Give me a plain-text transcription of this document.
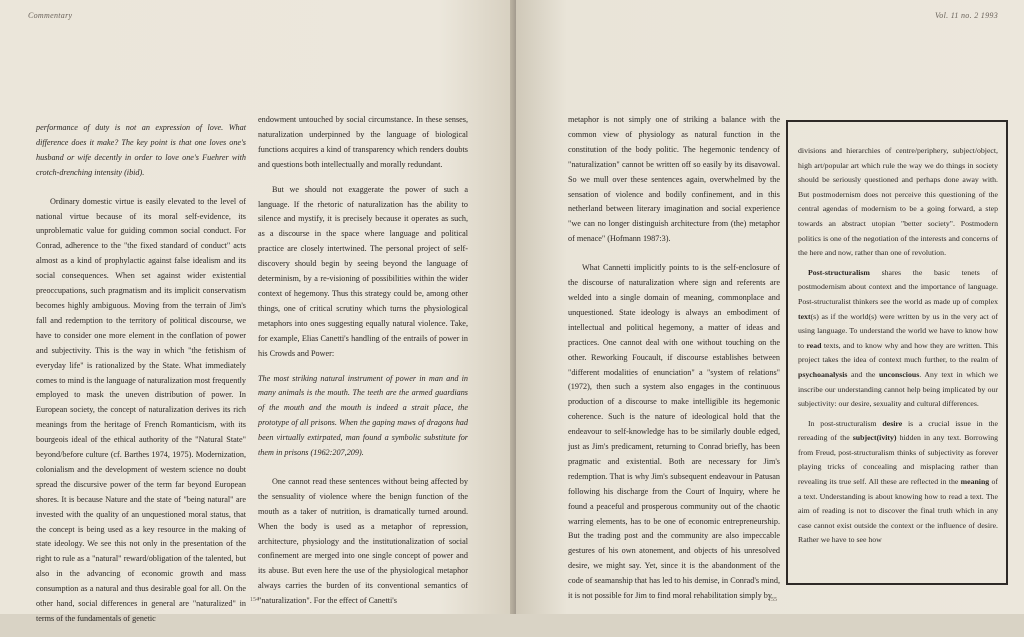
Commentary

performance of duty is not an expression of love. What difference does it make? The key point is that one loves one's husband or wife decently in order to love one's Fuehrer with crotch-drenching intensity (ibid).

Ordinary domestic virtue is easily elevated to the level of national virtue because of its moral self-evidence, its unproblematic value for guiding common social conduct. For Conrad, adherence to the "the fixed standard of conduct" acts almost as a kind of prophylactic against false idealism and its social consequences. When set against wider existential preoccupations, such pragmatism and its implicit conservatism becomes highly ambiguous. Moving from the terrain of Jim's fall and redemption to the territory of political discourse, we have to consider one more element in the conflation of power and subjectivity. This is the way in which "the fetishism of everyday life" is rationalized by the State. What immediately comes to mind is the language of naturalization most frequently employed to mask the uneven distribution of power. In European society, the concept of naturalization derives its rich meanings from the heritage of French Romanticism, with its bourgeois ideal of the ethical authority of the "Natural State" beyond/before culture (cf. Barthes 1974, 1975). Modernization, colonialism and the development of western science no doubt spread the discursive power of the term far beyond European shores. It is because Nature and the state of "being natural" are invested with the quality of an unquestioned moral status, that the concept is being used as a key resource in the making of state ideology. We see this not only in the presentation of the right to rule as a "natural" reward/obligation of the talented, but also in the advancing of economic growth and mass consumption as a natural and thus desirable goal for all. On the other hand, social differences in general are "naturalized" in terms of the fundamentals of genetic

endowment untouched by social circumstance. In these senses, naturalization underpinned by the language of biological functions acquires a kind of transparency which renders doubts and questions both intellectually and morally redundant.

But we should not exaggerate the power of such a language. If the rhetoric of naturalization has the ability to silence and mystify, it is precisely because it operates as such, as a discourse in the space where language and political practice are closely intertwined. The personal project of self-discovery should begin by seeing beyond the language of determinism, by a re-visioning of possibilities within the wider context of hegemony. Thus this strategy could be, among other things, one of critical scrutiny which turns the physiological metaphors into ones suggesting equally natural violence. Take, for example, Elias Canetti's handling of the entrails of power in his Crowds and Power:

The most striking natural instrument of power in man and in many animals is the mouth. The teeth are the armed guardians of the mouth and the mouth is indeed a strait place, the prototype of all prisons. When the gaping maws of dragons had been virtually extirpated, man found a symbolic substitute for them in prisons (1962:207,209).

One cannot read these sentences without being affected by the sensuality of violence where the benign function of the mouth as a taker of nutrition, is dramatically turned around. When the body is used as a metaphor of repression, architecture, physiology and the institutionalization of social confinement are merged into one single concept of power and its abuse. But even here the use of the physiological metaphor always carries the burden of its conventional semantics of "naturalization". For the effect of Canetti's

154
Vol. 11 no. 2 1993

metaphor is not simply one of striking a balance with the common view of physiology as natural function in the constitution of the body politic. The hegemonic tendency of "naturalization" cannot be written off so easily by its disavowal. So we mull over these sentences again, overwhelmed by the sensation of violence and bodily confinement, and in this netherland between literary imagination and social experience "we can no longer distinguish architecture from (the) metaphor of menace" (Hofmann 1987:3).

What Cannetti implicitly points to is the self-enclosure of the discourse of naturalization where sign and referents are welded into a single domain of meaning, commonplace and unquestioned. State ideology is always an embodiment of intellectual and political hegemony, a matter of ideas and practices. One cannot deal with one without touching on the other. Reworking Foucault, if discourse establishes between "different modalities of enunciation" a "system of relations" (1972), then such a system also engages in the continuous production of a discourse to make intelligible its hegemonic coherence. Such is the nature of ideological hold that the endeavour to self-knowledge has to be similarly double edged, just as Jim's predicament, returning to Conrad briefly, has been pragmatic and existential. Both are necessary for Jim's redemption. That is why Jim's subsequent endeavour in Patusan following his discharge from the Court of Inquiry, where he found a peaceful and prosperous community out of the chaotic warring elements, has to be one of economic entrepreneurship. But the trading post and the community are also impeccable gestures of his own atonement, and objects of his unresolved desire, we might say. Yet, since it is the abandonment of the code of seamanship that has led to his demise, in Conrad's mind, it is not possible for Jim to find moral rehabilitation simply by

155

divisions and hierarchies of centre/periphery, subject/object, high art/popular art which rule the way we do things in society should be seriously questioned and perhaps done away with. But postmodernism does not perceive this questioning of the central agendas of modernism to be a going forward, a step towards an abstract utopian "better society". Postmodern politics is one of the negotiation of the interests and concerns of the here and now, rather than one of revolution.

Post-structuralism shares the basic tenets of postmodernism about context and the importance of language. Post-structuralist thinkers see the world as made up of complex text(s) as if the world(s) were written by us in the very act of using language. To understand the world we have to know how to read texts, and to know why and how they are written. This project takes the idea of context much further, to the realm of psychoanalysis and the unconscious. Any text in which we inscribe our understanding cannot help being implicated by our subjectivity: our desire, sexuality and cultural differences.

In post-structuralism desire is a crucial issue in the rereading of the subject(ivity) hidden in any text. Borrowing from Freud, post-structuralism thinks of subjectivity as forever playing tricks of concealing and misplacing rather than revealing its true self. All these are reflected in the meaning of a text. Understanding is about knowing how to read a text. The aim of reading is not to discover the final truth which in any case cannot exist outside the context or the influence of desire. Rather we have to see how
